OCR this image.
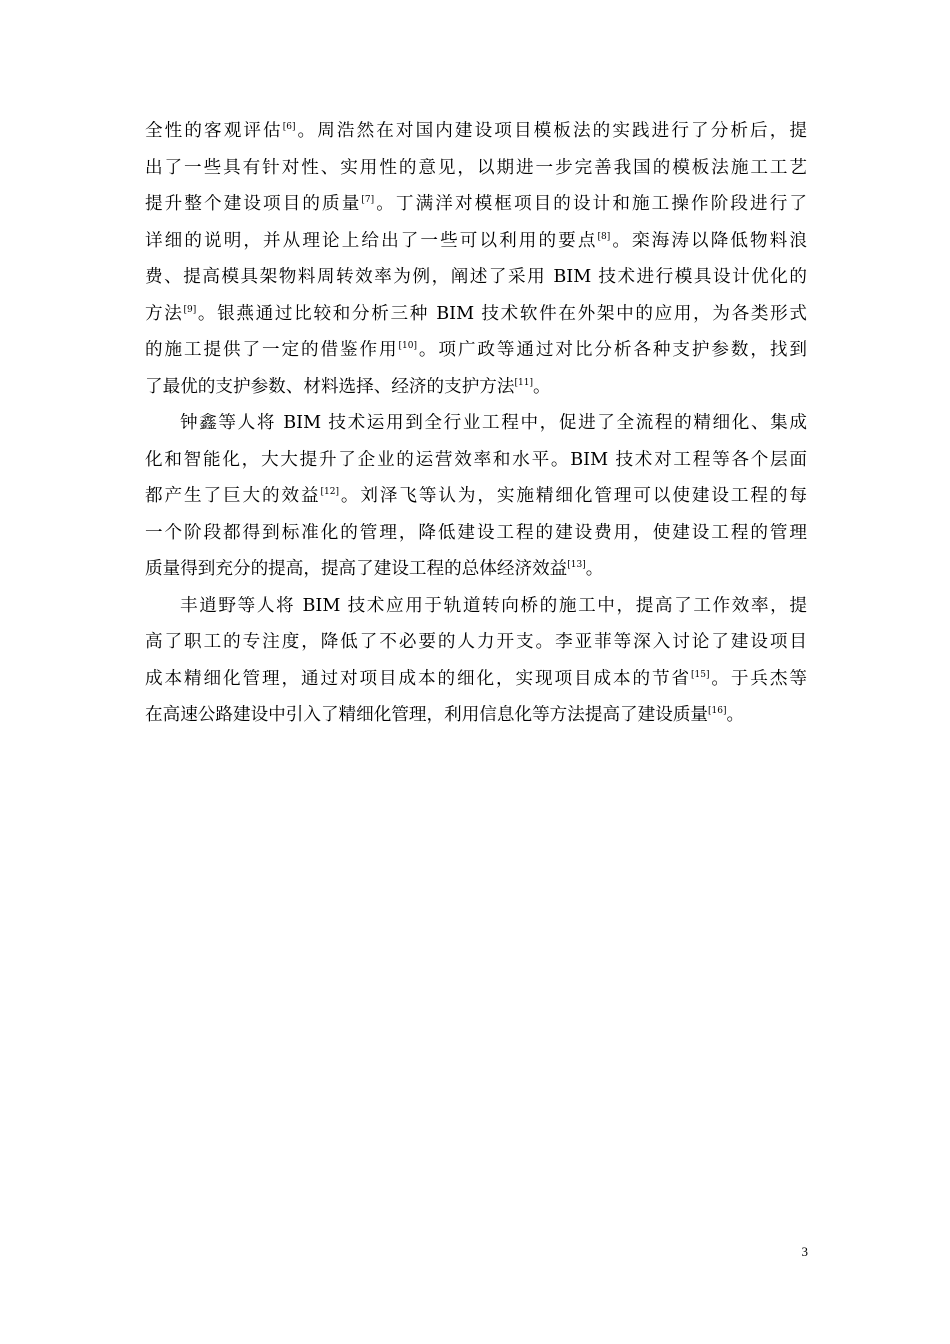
全性的客观评估[6]。周浩然在对国内建设项目模板法的实践进行了分析后，提
出了一些具有针对性、实用性的意见，以期进一步完善我国的模板法施工工艺
提升整个建设项目的质量[7]。丁满洋对模框项目的设计和施工操作阶段进行了
详细的说明，并从理论上给出了一些可以利用的要点[8]。栾海涛以降低物料浪
费、提高模具架物料周转效率为例，阐述了采用 BIM 技术进行模具设计优化的
方法[9]。银燕通过比较和分析三种 BIM 技术软件在外架中的应用，为各类形式
的施工提供了一定的借鉴作用[10]。项广政等通过对比分析各种支护参数，找到
了最优的支护参数、材料选择、经济的支护方法[11]。
钟鑫等人将 BIM 技术运用到全行业工程中，促进了全流程的精细化、集成
化和智能化，大大提升了企业的运营效率和水平。BIM 技术对工程等各个层面
都产生了巨大的效益[12]。刘泽飞等认为，实施精细化管理可以使建设工程的每
一个阶段都得到标准化的管理，降低建设工程的建设费用，使建设工程的管理
质量得到充分的提高，提高了建设工程的总体经济效益[13]。
丰逍野等人将 BIM 技术应用于轨道转向桥的施工中，提高了工作效率，提
高了职工的专注度，降低了不必要的人力开支。李亚菲等深入讨论了建设项目
成本精细化管理，通过对项目成本的细化，实现项目成本的节省[15]。于兵杰等
在高速公路建设中引入了精细化管理，利用信息化等方法提高了建设质量[16]。
3
